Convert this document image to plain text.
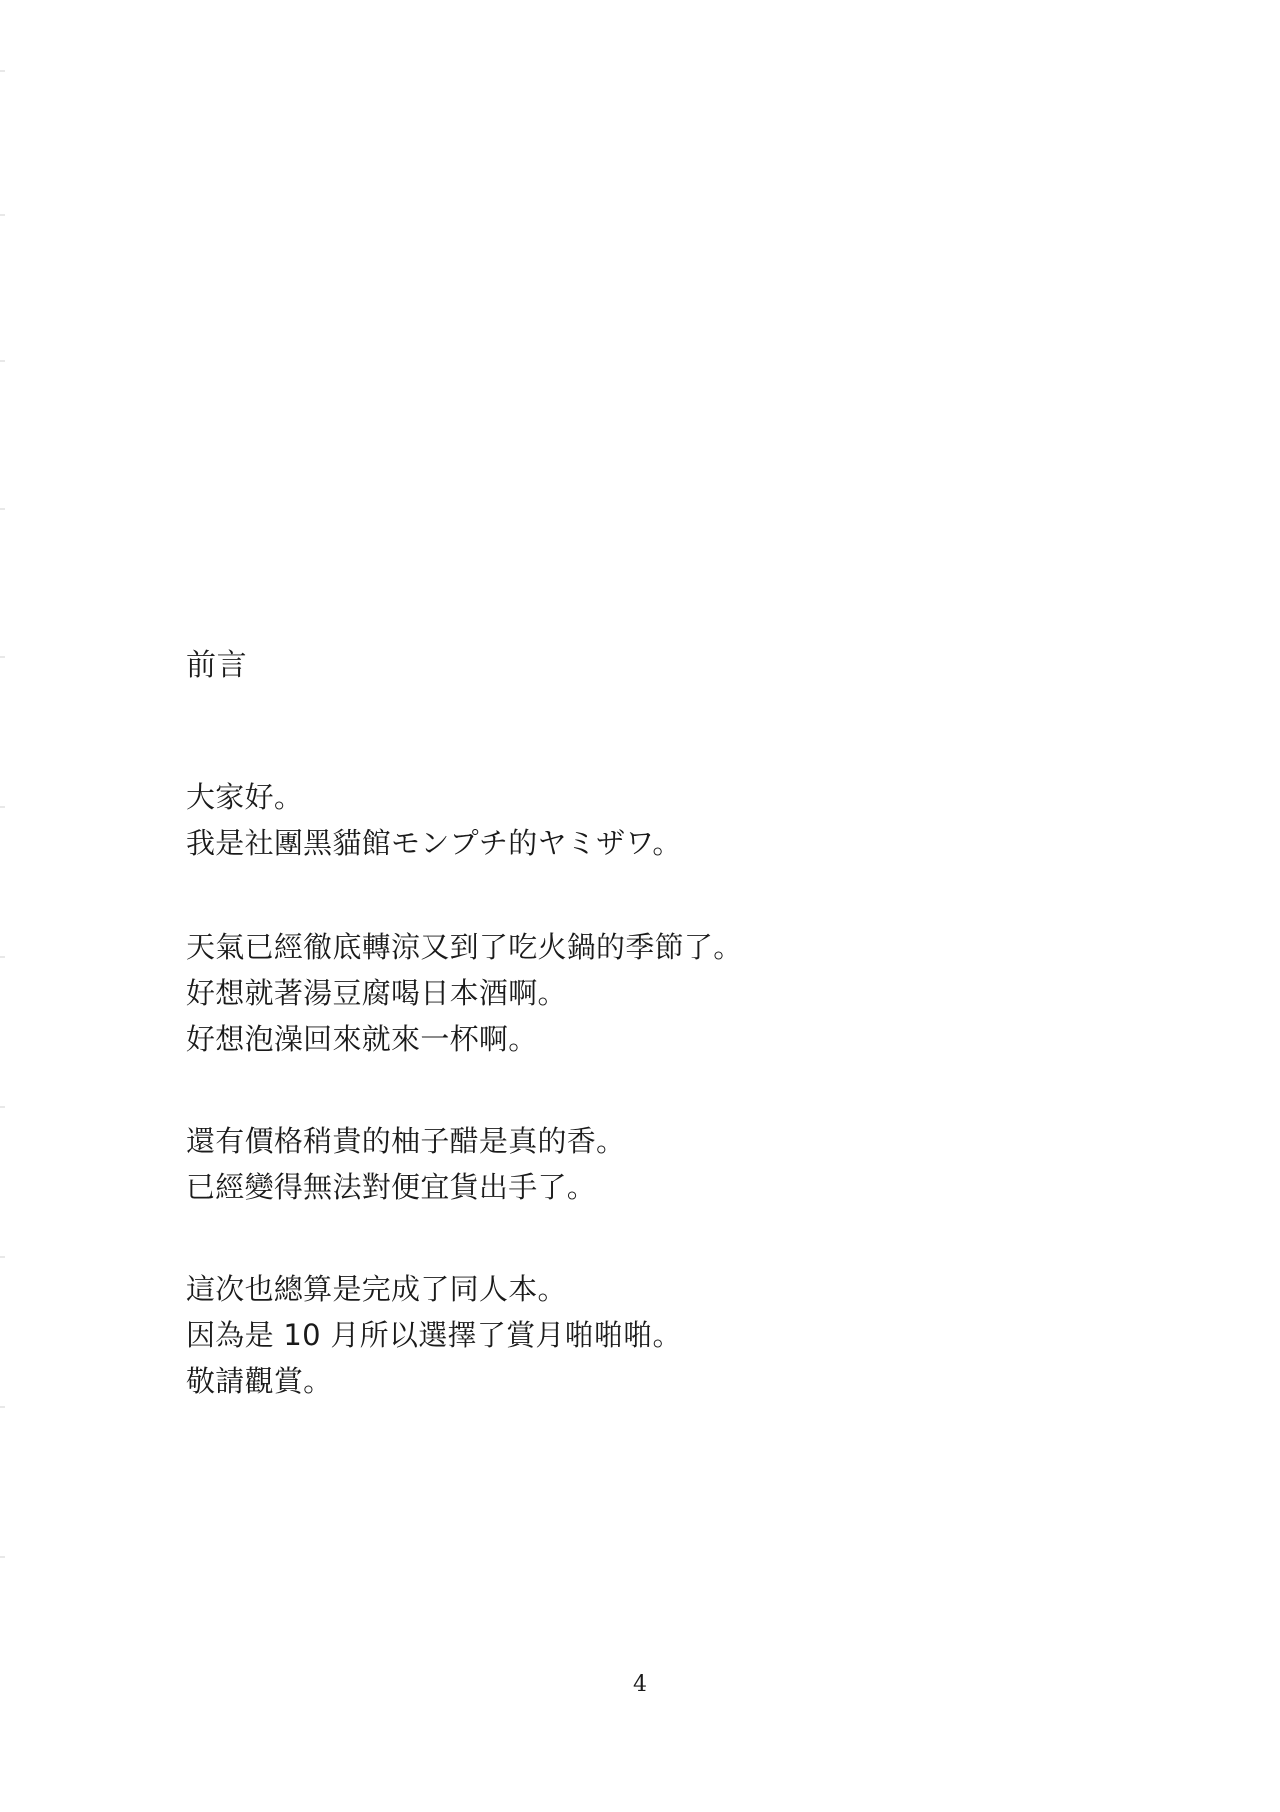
前言

大家好。
我是社團黑貓館モンプチ的ヤミザワ。

天氣已經徹底轉涼又到了吃火鍋的季節了。
好想就著湯豆腐喝日本酒啊。
好想泡澡回來就來一杯啊。

還有價格稍貴的柚子醋是真的香。
已經變得無法對便宜貨出手了。

這次也總算是完成了同人本。
因為是 10 月所以選擇了賞月啪啪啪。
敬請觀賞。

4
